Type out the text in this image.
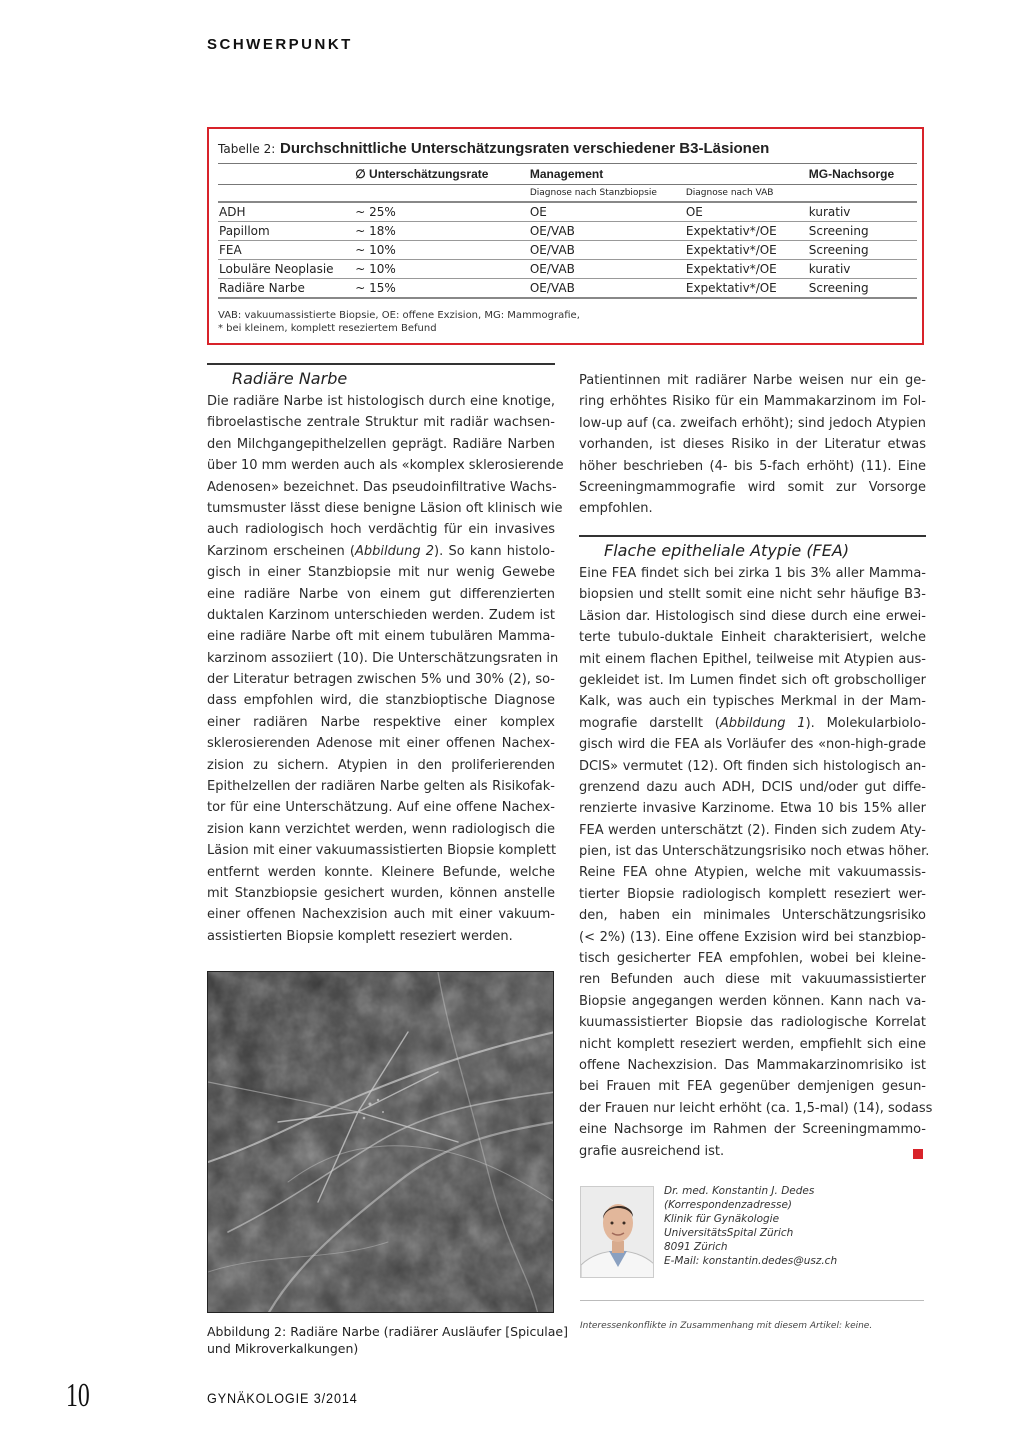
SCHWERPUNKT
Tabelle 2: Durchschnittliche Unterschätzungsraten verschiedener B3-Läsionen
	∅ Unterschätzungsrate	Management		MG-Nachsorge
		Diagnose nach Stanzbiopsie	Diagnose nach VAB	
ADH	~ 25%	OE	OE	kurativ
Papillom	~ 18%	OE/VAB	Expektativ*/OE	Screening
FEA	~ 10%	OE/VAB	Expektativ*/OE	Screening
Lobuläre Neoplasie	~ 10%	OE/VAB	Expektativ*/OE	kurativ
Radiäre Narbe	~ 15%	OE/VAB	Expektativ*/OE	Screening
VAB: vakuumassistierte Biopsie, OE: offene Exzision, MG: Mammografie,
* bei kleinem, komplett reseziertem Befund
Radiäre Narbe
Die radiäre Narbe ist histologisch durch eine knotige,
fibroelastische zentrale Struktur mit radiär wachsen-
den Milchgangepithelzellen geprägt. Radiäre Narben
über 10 mm werden auch als «komplex sklerosierende
Adenosen» bezeichnet. Das pseudoinfiltrative Wachs-
tumsmuster lässt diese benigne Läsion oft klinisch wie
auch radiologisch hoch verdächtig für ein invasives
Karzinom erscheinen (Abbildung 2). So kann histolo-
gisch in einer Stanzbiopsie mit nur wenig Gewebe
eine radiäre Narbe von einem gut differenzierten
duktalen Karzinom unterschieden werden. Zudem ist
eine radiäre Narbe oft mit einem tubulären Mamma-
karzinom assoziiert (10). Die Unterschätzungsraten in
der Literatur betragen zwischen 5% und 30% (2), so-
dass empfohlen wird, die stanzbioptische Diagnose
einer radiären Narbe respektive einer komplex
sklerosierenden Adenose mit einer offenen Nachex-
zision zu sichern. Atypien in den proliferierenden
Epithelzellen der radiären Narbe gelten als Risikofak-
tor für eine Unterschätzung. Auf eine offene Nachex-
zision kann verzichtet werden, wenn radiologisch die
Läsion mit einer vakuumassistierten Biopsie komplett
entfernt werden konnte. Kleinere Befunde, welche
mit Stanzbiopsie gesichert wurden, können anstelle
einer offenen Nachexzision auch mit einer vakuum-
assistierten Biopsie komplett reseziert werden.
Patientinnen mit radiärer Narbe weisen nur ein ge-
ring erhöhtes Risiko für ein Mammakarzinom im Fol-
low-up auf (ca. zweifach erhöht); sind jedoch Atypien
vorhanden, ist dieses Risiko in der Literatur etwas
höher beschrieben (4- bis 5-fach erhöht) (11). Eine
Screeningmammografie wird somit zur Vorsorge
empfohlen.
Flache epitheliale Atypie (FEA)
Eine FEA findet sich bei zirka 1 bis 3% aller Mamma-
biopsien und stellt somit eine nicht sehr häufige B3-
Läsion dar. Histologisch sind diese durch eine erwei-
terte tubulo-duktale Einheit charakterisiert, welche
mit einem flachen Epithel, teilweise mit Atypien aus-
gekleidet ist. Im Lumen findet sich oft grobscholliger
Kalk, was auch ein typisches Merkmal in der Mam-
mografie darstellt (Abbildung 1). Molekularbiolo-
gisch wird die FEA als Vorläufer des «non-high-grade
DCIS» vermutet (12). Oft finden sich histologisch an-
grenzend dazu auch ADH, DCIS und/oder gut diffe-
renzierte invasive Karzinome. Etwa 10 bis 15% aller
FEA werden unterschätzt (2). Finden sich zudem Aty-
pien, ist das Unterschätzungsrisiko noch etwas höher.
Reine FEA ohne Atypien, welche mit vakuumassis-
tierter Biopsie radiologisch komplett reseziert wer-
den, haben ein minimales Unterschätzungsrisiko
(< 2%) (13). Eine offene Exzision wird bei stanzbiop-
tisch gesicherter FEA empfohlen, wobei bei kleine-
ren Befunden auch diese mit vakuumassistierter
Biopsie angegangen werden können. Kann nach va-
kuumassistierter Biopsie das radiologische Korrelat
nicht komplett reseziert werden, empfiehlt sich eine
offene Nachexzision. Das Mammakarzinomrisiko ist
bei Frauen mit FEA gegenüber demjenigen gesun-
der Frauen nur leicht erhöht (ca. 1,5-mal) (14), sodass
eine Nachsorge im Rahmen der Screeningmammo-
grafie ausreichend ist.
Abbildung 2: Radiäre Narbe (radiärer Ausläufer [Spiculae]
und Mikroverkalkungen)
Dr. med. Konstantin J. Dedes
(Korrespondenzadresse)
Klinik für Gynäkologie
UniversitätsSpital Zürich
8091 Zürich
E-Mail: konstantin.dedes@usz.ch
Interessenkonflikte in Zusammenhang mit diesem Artikel: keine.
10	GYNÄKOLOGIE 3/2014
